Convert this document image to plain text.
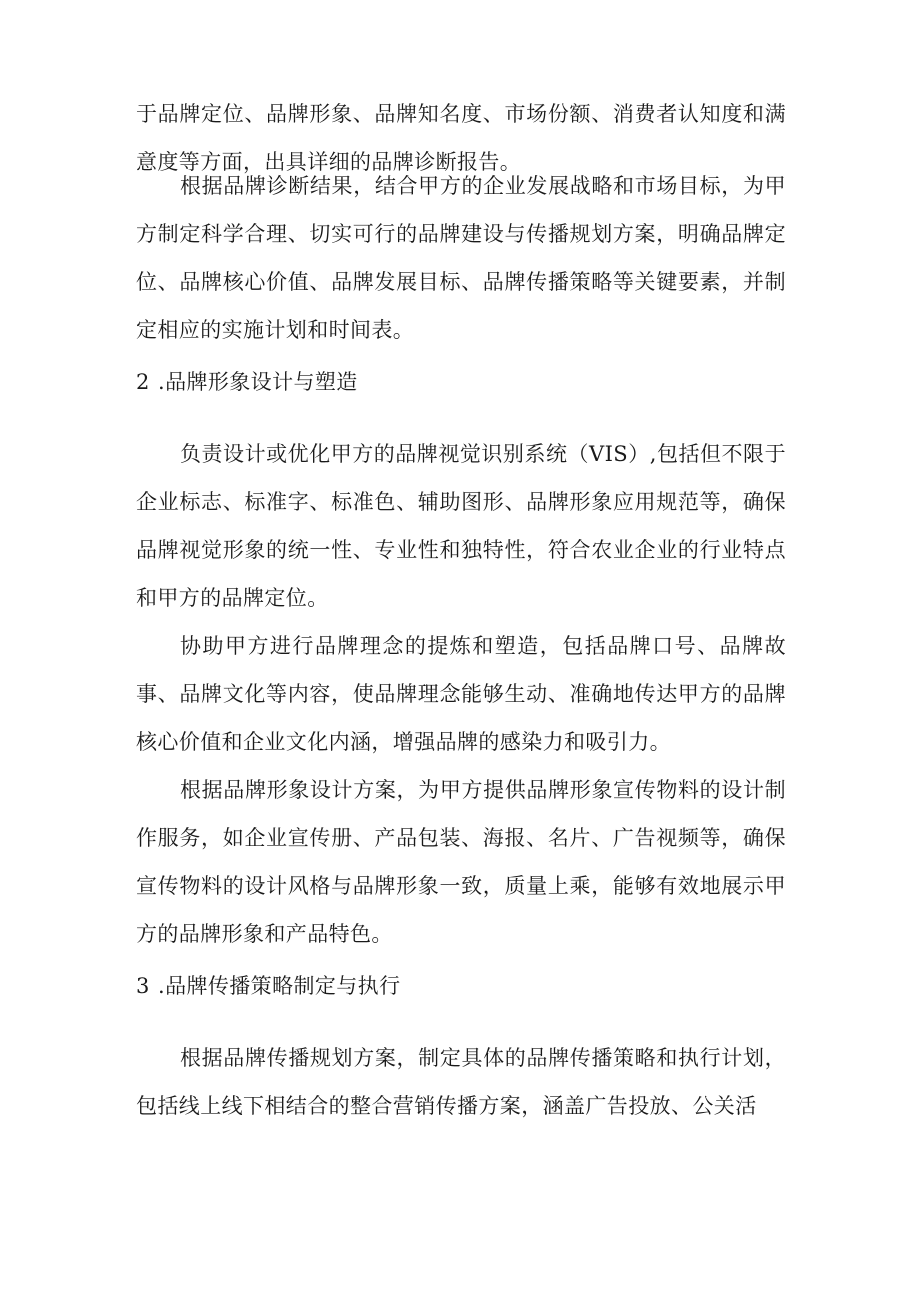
于品牌定位、品牌形象、品牌知名度、市场份额、消费者认知度和满意度等方面，出具详细的品牌诊断报告。

根据品牌诊断结果，结合甲方的企业发展战略和市场目标，为甲方制定科学合理、切实可行的品牌建设与传播规划方案，明确品牌定位、品牌核心价值、品牌发展目标、品牌传播策略等关键要素，并制定相应的实施计划和时间表。

2 .品牌形象设计与塑造

负责设计或优化甲方的品牌视觉识别系统（VIS）,包括但不限于企业标志、标准字、标准色、辅助图形、品牌形象应用规范等，确保品牌视觉形象的统一性、专业性和独特性，符合农业企业的行业特点和甲方的品牌定位。

协助甲方进行品牌理念的提炼和塑造，包括品牌口号、品牌故事、品牌文化等内容，使品牌理念能够生动、准确地传达甲方的品牌核心价值和企业文化内涵，增强品牌的感染力和吸引力。

根据品牌形象设计方案，为甲方提供品牌形象宣传物料的设计制作服务，如企业宣传册、产品包装、海报、名片、广告视频等，确保宣传物料的设计风格与品牌形象一致，质量上乘，能够有效地展示甲方的品牌形象和产品特色。

3 .品牌传播策略制定与执行

根据品牌传播规划方案，制定具体的品牌传播策略和执行计划，包括线上线下相结合的整合营销传播方案，涵盖广告投放、公关活
